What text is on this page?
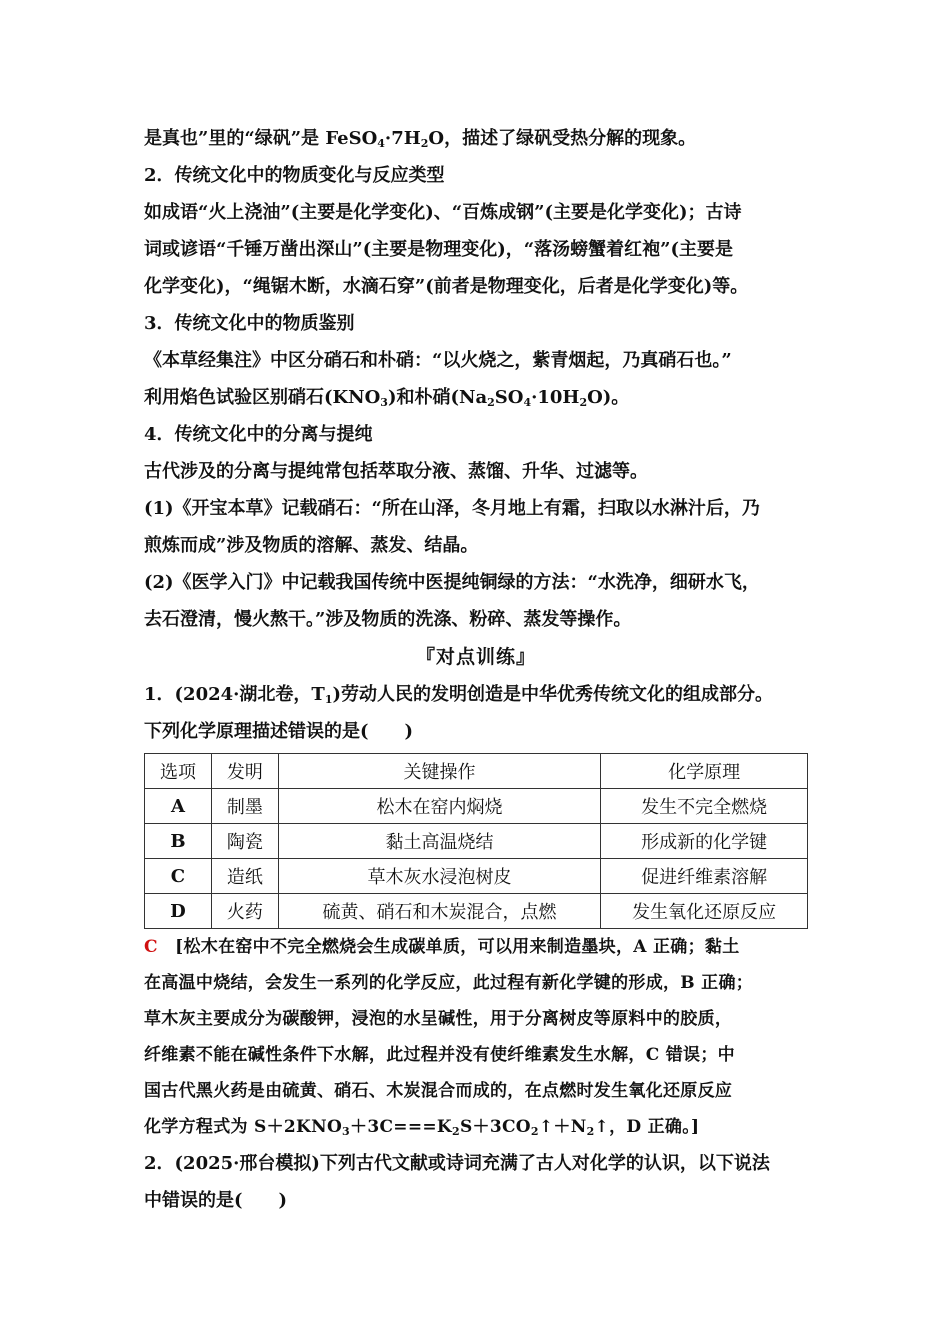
是真也”里的“绿矾”是 $FeSO_4\cdot 7H_2O$，描述了绿矾受热分解的现象。
2．传统文化中的物质变化与反应类型
如成语“火上浇油”(主要是化学变化)、“百炼成钢”(主要是化学变化)；古诗
词或谚语“千锤万凿出深山”(主要是物理变化)，“落汤螃蟹着红袍”(主要是
化学变化)，“绳锯木断，水滴石穿”(前者是物理变化，后者是化学变化)等。
3．传统文化中的物质鉴别
《本草经集注》中区分硝石和朴硝：“以火烧之，紫青烟起，乃真硝石也。”
利用焰色试验区别硝石$(KNO_3)$和朴硝$(Na_2SO_4\cdot 10H_2O)$。
4．传统文化中的分离与提纯
古代涉及的分离与提纯常包括萃取分液、蒸馏、升华、过滤等。
(1)《开宝本草》记载硝石：“所在山泽，冬月地上有霜，扫取以水淋汁后，乃
煎炼而成”涉及物质的溶解、蒸发、结晶。
(2)《医学入门》中记载我国传统中医提纯铜绿的方法：“水洗净，细研水飞，
去石澄清，慢火熬干。”涉及物质的洗涤、粉碎、蒸发等操作。
『对点训练』
1．(2024·湖北卷，$T_1$)劳动人民的发明创造是中华优秀传统文化的组成部分。
下列化学原理描述错误的是(　　)
选项	发明	关键操作	化学原理
A	制墨	松木在窑内焖烧	发生不完全燃烧
B	陶瓷	黏土高温烧结	形成新的化学键
C	造纸	草木灰水浸泡树皮	促进纤维素溶解
D	火药	硫黄、硝石和木炭混合，点燃	发生氧化还原反应
C　[松木在窑中不完全燃烧会生成碳单质，可以用来制造墨块，A 正确；黏土
在高温中烧结，会发生一系列的化学反应，此过程有新化学键的形成，B 正确；
草木灰主要成分为碳酸钾，浸泡的水呈碱性，用于分离树皮等原料中的胶质，
纤维素不能在碱性条件下水解，此过程并没有使纤维素发生水解，C 错误；中
国古代黑火药是由硫黄、硝石、木炭混合而成的，在点燃时发生氧化还原反应
化学方程式为 $S+2KNO_3+3C===K_2S+3CO_2↑+N_2↑$，D 正确。]
2．(2025·邢台模拟)下列古代文献或诗词充满了古人对化学的认识，以下说法
中错误的是(　　)
